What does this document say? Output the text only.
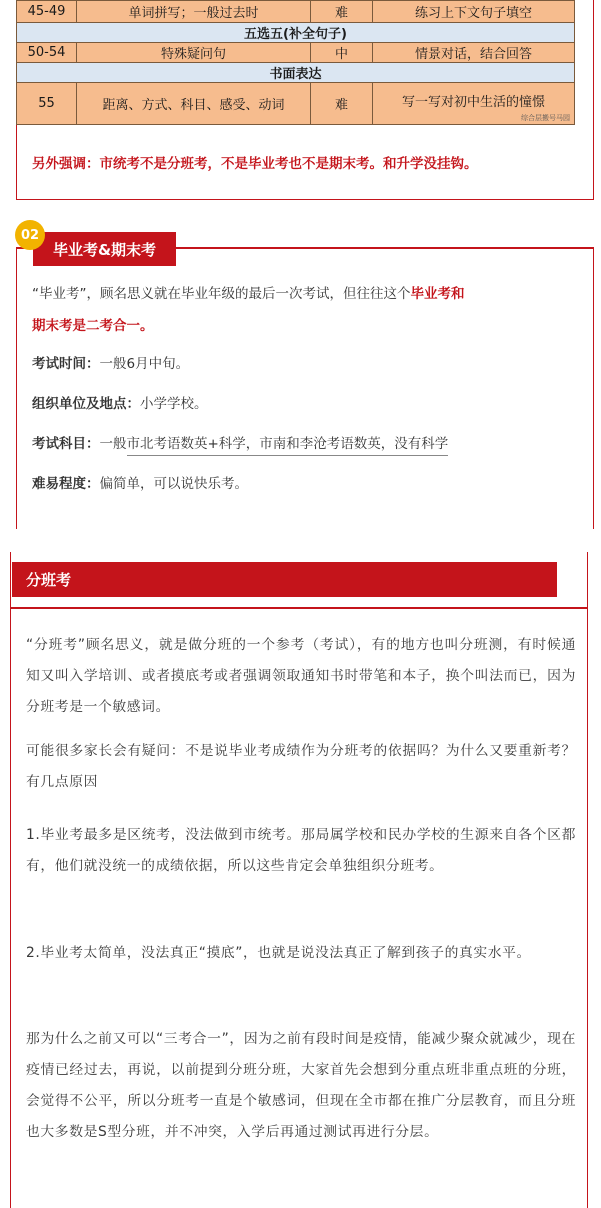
45-49	单词拼写；一般过去时	难	练习上下文句子填空
五选五(补全句子)			
50-54	特殊疑问句	中	情景对话，结合回答
书面表达			
55	距离、方式、科目、感受、动词	难	写一写对初中生活的憧憬
综合层搬号马园
另外强调：市统考不是分班考，不是毕业考也不是期末考。和升学没挂钩。
毕业考&期末考
02
“毕业考”，顾名思义就在毕业年级的最后一次考试，但往往这个毕业考和
期末考是二考合一。
考试时间：一般6月中旬。
组织单位及地点：小学学校。
考试科目：一般市北考语数英+科学，市南和李沧考语数英，没有科学
难易程度：偏简单，可以说快乐考。
分班考

“分班考”顾名思义，就是做分班的一个参考（考试），有的地方也叫分班测，有时候通知又叫入学培训、或者摸底考或者强调领取通知书时带笔和本子，换个叫法而已，因为分班考是一个敏感词。

可能很多家长会有疑问：不是说毕业考成绩作为分班考的依据吗？为什么又要重新考？有几点原因

1.毕业考最多是区统考，没法做到市统考。那局属学校和民办学校的生源来自各个区都有，他们就没统一的成绩依据，所以这些肯定会单独组织分班考。

2.毕业考太简单，没法真正“摸底”，也就是说没法真正了解到孩子的真实水平。

那为什么之前又可以“三考合一”，因为之前有段时间是疫情，能减少聚众就减少，现在疫情已经过去，再说，以前提到分班分班，大家首先会想到分重点班非重点班的分班，会觉得不公平，所以分班考一直是个敏感词，但现在全市都在推广分层教育，而且分班也大多数是S型分班，并不冲突，入学后再通过测试再进行分层。
